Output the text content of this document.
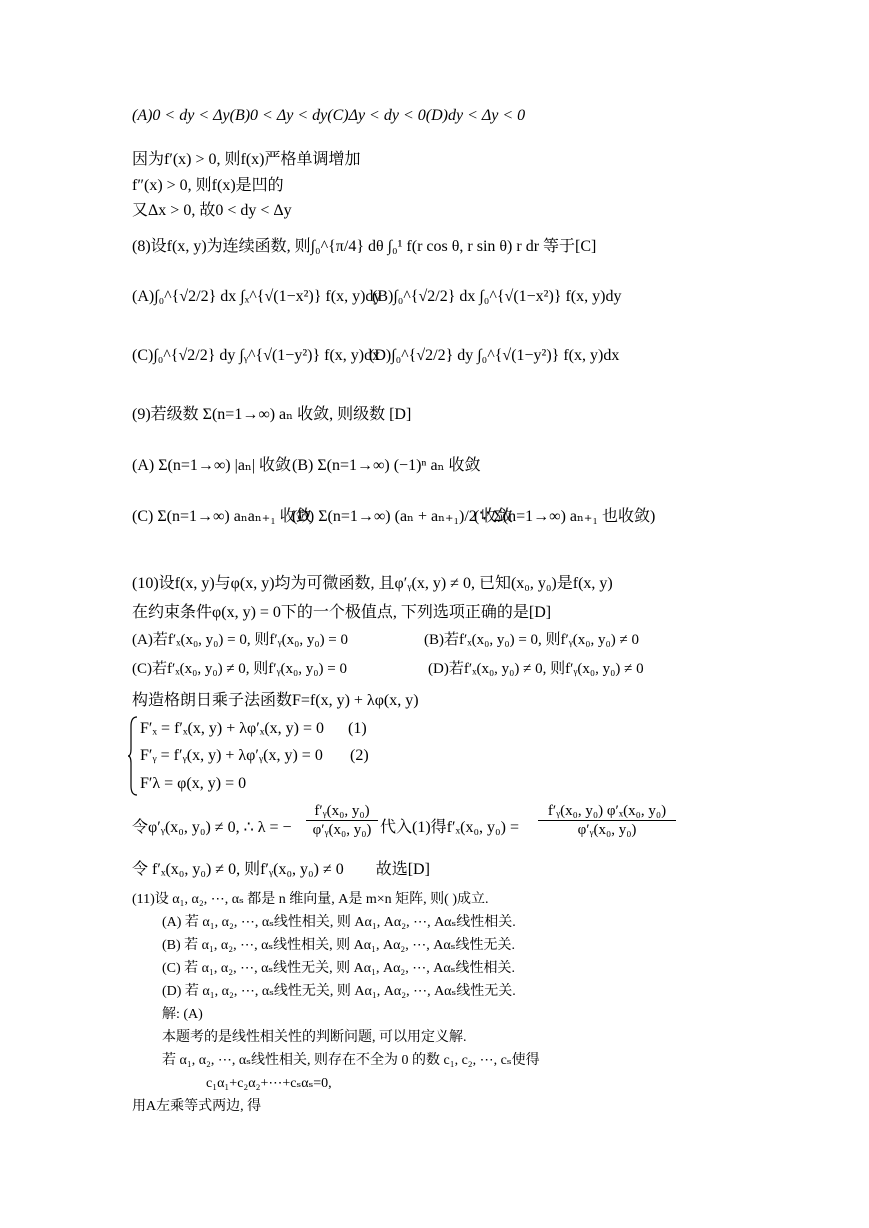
(A)0 < dy < Δy(B)0 < Δy < dy(C)Δy < dy < 0(D)dy < Δy < 0
因为f′(x) > 0, 则f(x)严格单调增加
f″(x) > 0, 则f(x)是凹的
又Δx > 0, 故0 < dy < Δy
(8)设f(x, y)为连续函数, 则∫₀^{π/4} dθ ∫₀¹ f(r cos θ, r sin θ) r dr 等于[C]
(A)∫₀^{√2/2} dx ∫ₓ^{√(1−x²)} f(x, y)dy
(B)∫₀^{√2/2} dx ∫₀^{√(1−x²)} f(x, y)dy
(C)∫₀^{√2/2} dy ∫ᵧ^{√(1−y²)} f(x, y)dx
(D)∫₀^{√2/2} dy ∫₀^{√(1−y²)} f(x, y)dx
(9)若级数 Σ(n=1→∞) aₙ 收敛, 则级数 [D]
(A) Σ(n=1→∞) |aₙ| 收敛 (B) Σ(n=1→∞) (−1)ⁿ aₙ 收敛
(C) Σ(n=1→∞) aₙaₙ₊₁ 收敛
(D) Σ(n=1→∞) (aₙ + aₙ₊₁)/2 收敛
(∵ Σ(n=1→∞) aₙ₊₁ 也收敛)
(10)设f(x, y)与φ(x, y)均为可微函数, 且φ′ᵧ(x, y) ≠ 0, 已知(x₀, y₀)是f(x, y)
在约束条件φ(x, y) = 0下的一个极值点, 下列选项正确的是[D]
(A)若f′ₓ(x₀, y₀) = 0, 则f′ᵧ(x₀, y₀) = 0	(B)若f′ₓ(x₀, y₀) = 0, 则f′ᵧ(x₀, y₀) ≠ 0
(C)若f′ₓ(x₀, y₀) ≠ 0, 则f′ᵧ(x₀, y₀) = 0	(D)若f′ₓ(x₀, y₀) ≠ 0, 则f′ᵧ(x₀, y₀) ≠ 0
构造格朗日乘子法函数F=f(x, y) + λφ(x, y)
F′ₓ = f′ₓ(x, y) + λφ′ₓ(x, y) = 0 (1)
F′ᵧ = f′ᵧ(x, y) + λφ′ᵧ(x, y) = 0 (2)
F′λ = φ(x, y) = 0
令φ′ᵧ(x₀, y₀) ≠ 0, ∴ λ = −
f′ᵧ(x₀, y₀)
φ′ᵧ(x₀, y₀) 代入(1)得f′ₓ(x₀, y₀) =
f′ᵧ(x₀, y₀) φ′ₓ(x₀, y₀)
φ′ᵧ(x₀, y₀)
令 f′ₓ(x₀, y₀) ≠ 0, 则f′ᵧ(x₀, y₀) ≠ 0        故选[D]
(11)设 α₁, α₂, ⋯, αₛ 都是 n 维向量, A是 m×n 矩阵, 则( )成立.
(A) 若 α₁, α₂, ⋯, αₛ线性相关, 则 Aα₁, Aα₂, ⋯, Aαₛ线性相关.
(B) 若 α₁, α₂, ⋯, αₛ线性相关, 则 Aα₁, Aα₂, ⋯, Aαₛ线性无关.
(C) 若 α₁, α₂, ⋯, αₛ线性无关, 则 Aα₁, Aα₂, ⋯, Aαₛ线性相关.
(D) 若 α₁, α₂, ⋯, αₛ线性无关, 则 Aα₁, Aα₂, ⋯, Aαₛ线性无关.
解: (A)
本题考的是线性相关性的判断问题, 可以用定义解.
若 α₁, α₂, ⋯, αₛ线性相关, 则存在不全为 0 的数 c₁, c₂, ⋯, cₛ使得
c₁α₁+c₂α₂+⋯+cₛαₛ=0,
用A左乘等式两边, 得
